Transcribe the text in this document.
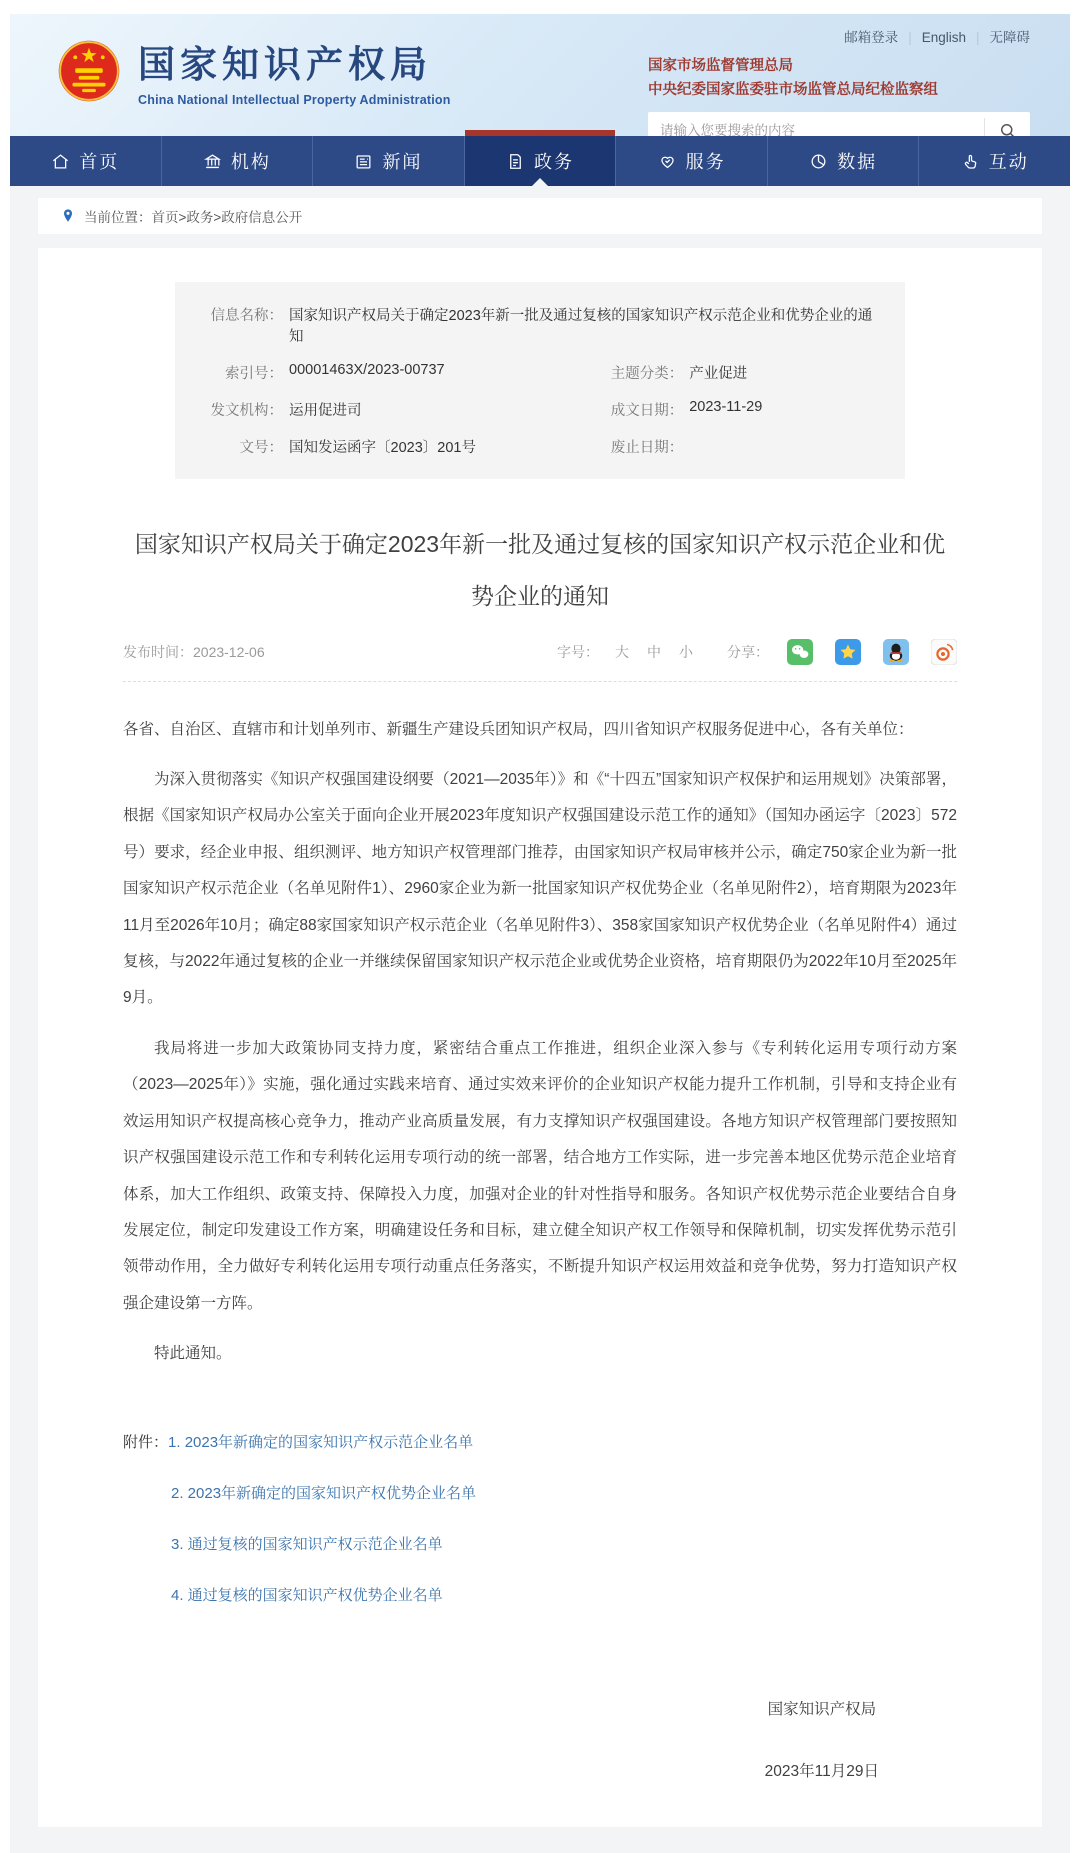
国家知识产权局
China National Intellectual Property Administration
邮箱登录 | English | 无障碍
国家市场监督管理总局
中央纪委国家监委驻市场监管总局纪检监察组
请输入您要搜索的内容
首页	机构	新闻	政务	服务	数据	互动
当前位置： 首页>政务>政府信息公开
信息名称： 国家知识产权局关于确定2023年新一批及通过复核的国家知识产权示范企业和优势企业的通知
索引号： 00001463X/2023-00737	主题分类： 产业促进
发文机构： 运用促进司	成文日期： 2023-11-29
文号： 国知发运函字〔2023〕201号	废止日期：
国家知识产权局关于确定2023年新一批及通过复核的国家知识产权示范企业和优势企业的通知
发布时间：2023-12-06	字号： 大 中 小 分享：

各省、自治区、直辖市和计划单列市、新疆生产建设兵团知识产权局，四川省知识产权服务促进中心，各有关单位：

为深入贯彻落实《知识产权强国建设纲要（2021—2035年）》和《“十四五”国家知识产权保护和运用规划》决策部署，根据《国家知识产权局办公室关于面向企业开展2023年度知识产权强国建设示范工作的通知》（国知办函运字〔2023〕572号）要求，经企业申报、组织测评、地方知识产权管理部门推荐，由国家知识产权局审核并公示，确定750家企业为新一批国家知识产权示范企业（名单见附件1）、2960家企业为新一批国家知识产权优势企业（名单见附件2），培育期限为2023年11月至2026年10月；确定88家国家知识产权示范企业（名单见附件3）、358家国家知识产权优势企业（名单见附件4）通过复核，与2022年通过复核的企业一并继续保留国家知识产权示范企业或优势企业资格，培育期限仍为2022年10月至2025年9月。

我局将进一步加大政策协同支持力度，紧密结合重点工作推进，组织企业深入参与《专利转化运用专项行动方案（2023—2025年）》实施，强化通过实践来培育、通过实效来评价的企业知识产权能力提升工作机制，引导和支持企业有效运用知识产权提高核心竞争力，推动产业高质量发展，有力支撑知识产权强国建设。各地方知识产权管理部门要按照知识产权强国建设示范工作和专利转化运用专项行动的统一部署，结合地方工作实际，进一步完善本地区优势示范企业培育体系，加大工作组织、政策支持、保障投入力度，加强对企业的针对性指导和服务。各知识产权优势示范企业要结合自身发展定位，制定印发建设工作方案，明确建设任务和目标，建立健全知识产权工作领导和保障机制，切实发挥优势示范引领带动作用，全力做好专利转化运用专项行动重点任务落实，不断提升知识产权运用效益和竞争优势，努力打造知识产权强企建设第一方阵。

特此通知。

附件： 1. 2023年新确定的国家知识产权示范企业名单
2. 2023年新确定的国家知识产权优势企业名单
3. 通过复核的国家知识产权示范企业名单
4. 通过复核的国家知识产权优势企业名单
国家知识产权局
2023年11月29日
